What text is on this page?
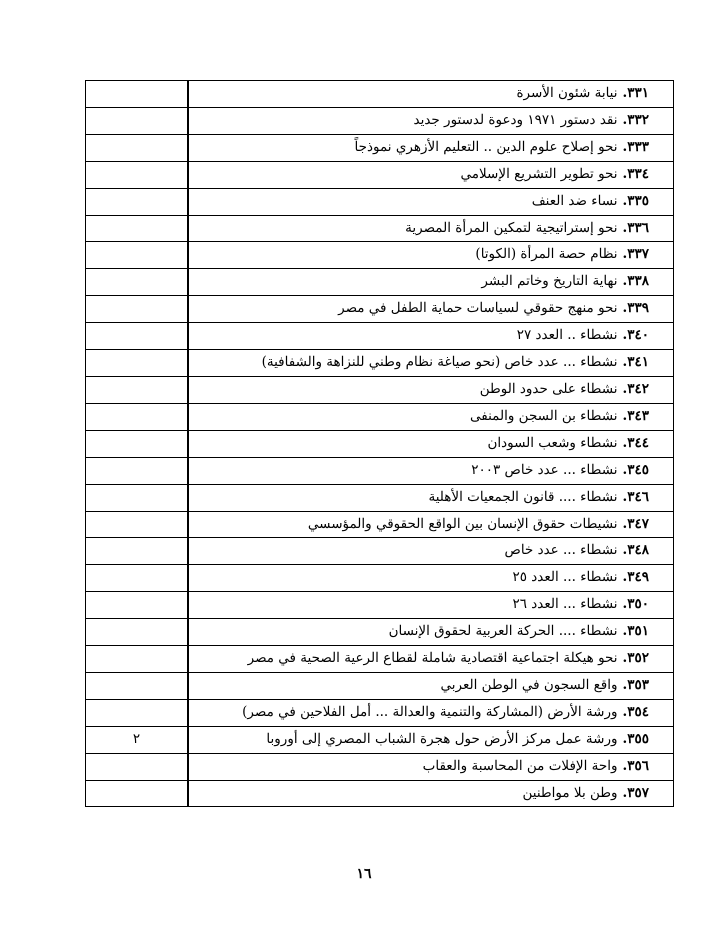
٣٣١.نيابة شئون الأسرة		
٣٣٢.نقد دستور ١٩٧١ ودعوة لدستور جديد		
٣٣٣.نحو إصلاح علوم الدين .. التعليم الأزهري نموذجاً		
٣٣٤.نحو تطوير التشريع الإسلامي		
٣٣٥.نساء ضد العنف		
٣٣٦.نحو إستراتيجية لتمكين المرأة المصرية		
٣٣٧.نظام حصة المرأة (الكوتا)		
٣٣٨.نهاية التاريخ وخاتم البشر		
٣٣٩.نحو منهج حقوقي لسياسات حماية الطفل في مصر		
٣٤٠.نشطاء .. العدد ٢٧		
٣٤١.نشطاء ... عدد خاص (نحو صياغة نظام وطني للنزاهة والشفافية)		
٣٤٢.نشطاء على حدود الوطن		
٣٤٣.نشطاء بن السجن والمنفى		
٣٤٤.نشطاء وشعب السودان		
٣٤٥.نشطاء ... عدد خاص ٢٠٠٣		
٣٤٦.نشطاء .... قانون الجمعيات الأهلية		
٣٤٧.نشيطات حقوق الإنسان بين الواقع الحقوقي والمؤسسي		
٣٤٨.نشطاء ... عدد خاص		
٣٤٩.نشطاء ... العدد ٢٥		
٣٥٠.نشطاء ... العدد ٢٦		
٣٥١.نشطاء .... الحركة العربية لحقوق الإنسان		
٣٥٢.نحو هيكلة اجتماعية اقتصادية شاملة لقطاع الرعية الصحية في مصر		
٣٥٣.واقع السجون في الوطن العربي		
٣٥٤.ورشة الأرض (المشاركة والتنمية والعدالة ... أمل الفلاحين في مصر)		
٣٥٥.ورشة عمل مركز الأرض حول هجرة الشباب المصري إلى أوروبا		٢
٣٥٦.واحة الإفلات من المحاسبة والعقاب		
٣٥٧.وطن بلا مواطنين		
١٦
